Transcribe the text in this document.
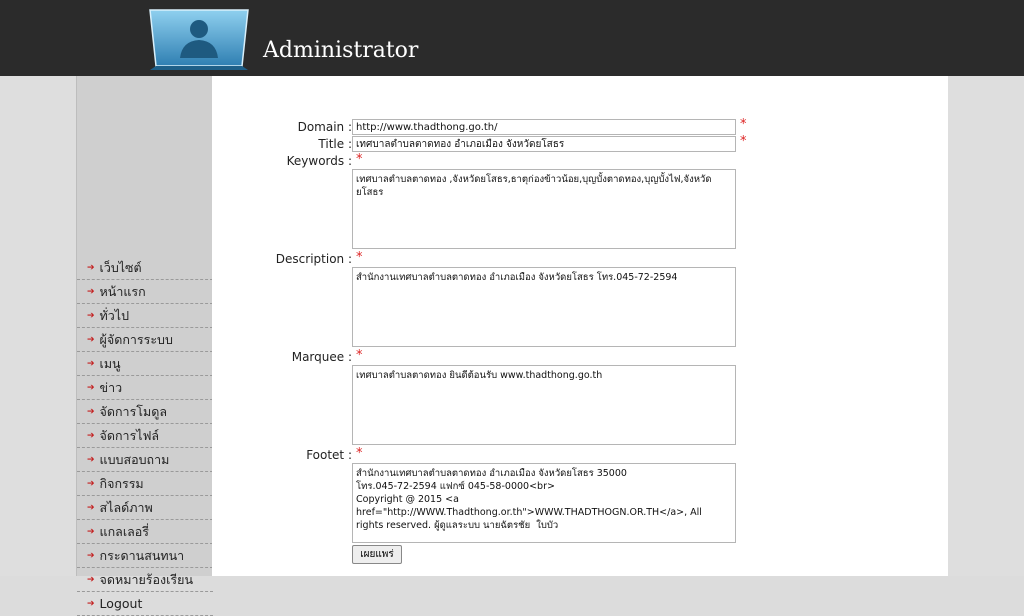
Administrator
➔ เว็บไซต์
➔ หน้าแรก
➔ ทั่วไป
➔ ผู้จัดการระบบ
➔ เมนู
➔ ข่าว
➔ จัดการโมดูล
➔ จัดการไฟล์
➔ แบบสอบถาม
➔ กิจกรรม
➔ สไลด์ภาพ
➔ แกลเลอรี่
➔ กระดานสนทนา
➔ จดหมายร้องเรียน
➔ Logout
Domain :
http://www.thadthong.go.th/	*
Title :
เทศบาลตำบลตาดทอง อำเภอเมือง จังหวัดยโสธร	*
Keywords : *
เทศบาลตำบลตาดทอง ,จังหวัดยโสธร,ธาตุก่องข้าวน้อย,บุญบั้งตาดทอง,บุญบั้งไฟ,จังหวัดยโสธร
Description : *
สำนักงานเทศบาลตำบลตาดทอง อำเภอเมือง จังหวัดยโสธร โทร.045-72-2594
Marquee : *
เทศบาลตำบลตาดทอง ยินดีต้อนรับ www.thadthong.go.th
Footet : *
สำนักงานเทศบาลตำบลตาดทอง อำเภอเมือง จังหวัดยโสธร 35000 โทร.045-72-2594 แฟกซ์ 045-58-0000<br> Copyright @ 2015 <a href="http://WWW.Thadthong.or.th">WWW.THADTHOGN.OR.TH</a>, All rights reserved. ผู้ดูแลระบบ นายฉัตรชัย ใบบัว
เผยแพร่
